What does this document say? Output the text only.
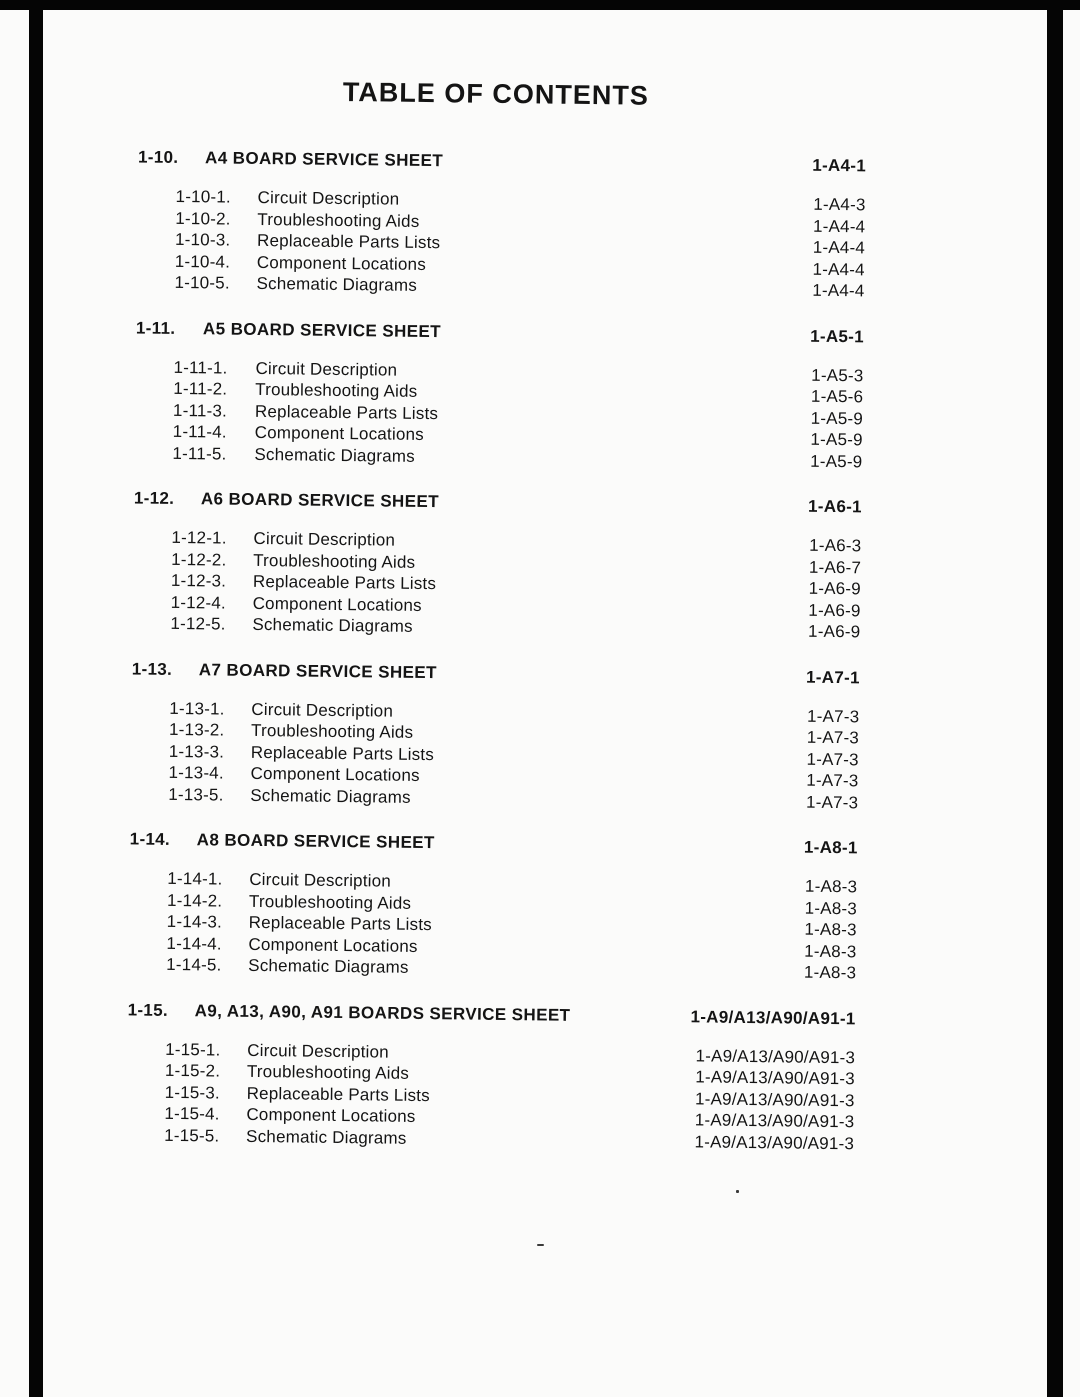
TABLE OF CONTENTS
1-10. A4 BOARD SERVICE SHEET	1-A4-1
1-10-1. Circuit Description	1-A4-3
1-10-2. Troubleshooting Aids	1-A4-4
1-10-3. Replaceable Parts Lists	1-A4-4
1-10-4. Component Locations	1-A4-4
1-10-5. Schematic Diagrams	1-A4-4
1-11. A5 BOARD SERVICE SHEET	1-A5-1
1-11-1. Circuit Description	1-A5-3
1-11-2. Troubleshooting Aids	1-A5-6
1-11-3. Replaceable Parts Lists	1-A5-9
1-11-4. Component Locations	1-A5-9
1-11-5. Schematic Diagrams	1-A5-9
1-12. A6 BOARD SERVICE SHEET	1-A6-1
1-12-1. Circuit Description	1-A6-3
1-12-2. Troubleshooting Aids	1-A6-7
1-12-3. Replaceable Parts Lists	1-A6-9
1-12-4. Component Locations	1-A6-9
1-12-5. Schematic Diagrams	1-A6-9
1-13. A7 BOARD SERVICE SHEET	1-A7-1
1-13-1. Circuit Description	1-A7-3
1-13-2. Troubleshooting Aids	1-A7-3
1-13-3. Replaceable Parts Lists	1-A7-3
1-13-4. Component Locations	1-A7-3
1-13-5. Schematic Diagrams	1-A7-3
1-14. A8 BOARD SERVICE SHEET	1-A8-1
1-14-1. Circuit Description	1-A8-3
1-14-2. Troubleshooting Aids	1-A8-3
1-14-3. Replaceable Parts Lists	1-A8-3
1-14-4. Component Locations	1-A8-3
1-14-5. Schematic Diagrams	1-A8-3
1-15. A9, A13, A90, A91 BOARDS SERVICE SHEET	1-A9/A13/A90/A91-1
1-15-1. Circuit Description	1-A9/A13/A90/A91-3
1-15-2. Troubleshooting Aids	1-A9/A13/A90/A91-3
1-15-3. Replaceable Parts Lists	1-A9/A13/A90/A91-3
1-15-4. Component Locations	1-A9/A13/A90/A91-3
1-15-5. Schematic Diagrams	1-A9/A13/A90/A91-3
